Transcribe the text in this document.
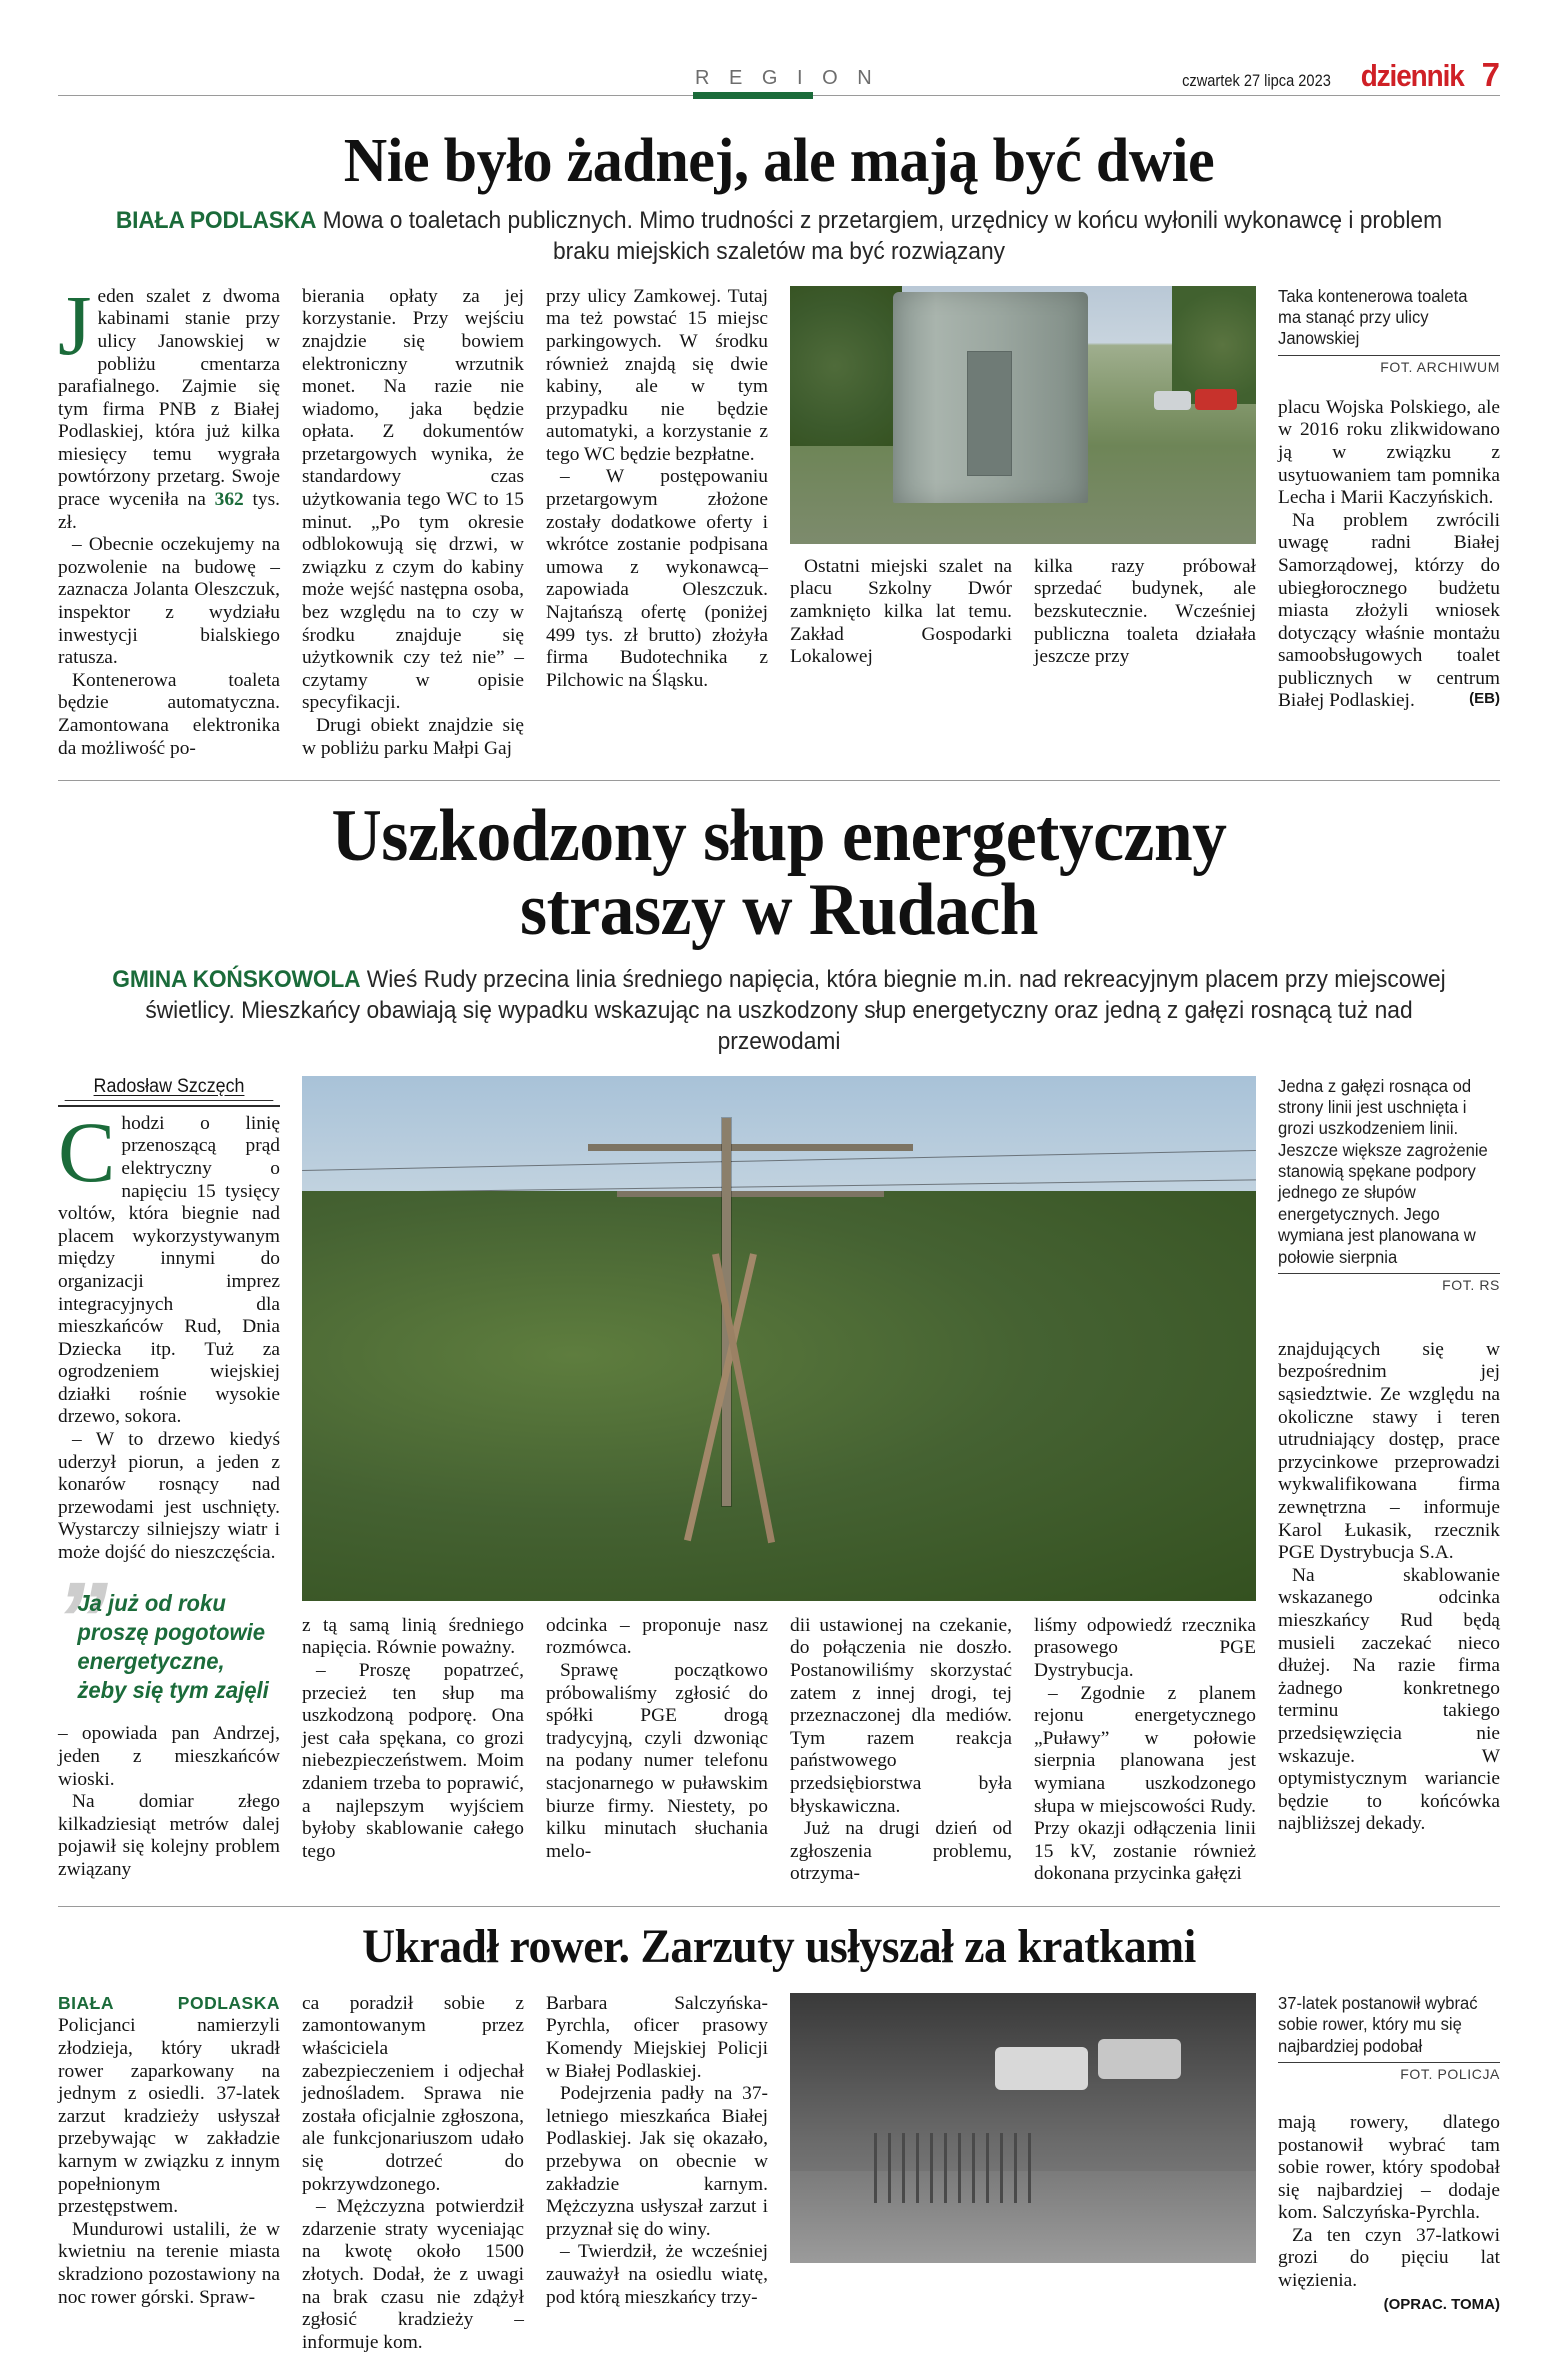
R E G I O N	czwartek 27 lipca 2023 dziennik 7
Nie było żadnej, ale mają być dwie
BIAŁA PODLASKA Mowa o toaletach publicznych. Mimo trudności z przetargiem, urzędnicy w końcu wyłonili wykonawcę i problem braku miejskich szaletów ma być rozwiązany

Jeden szalet z dwoma kabinami stanie przy ulicy Janowskiej w pobliżu cmentarza parafialnego. Zajmie się tym firma PNB z Białej Podlaskiej, która już kilka miesięcy temu wygrała powtórzony przetarg. Swoje prace wyceniła na 362 tys. zł.

– Obecnie oczekujemy na pozwolenie na budowę – zaznacza Jolanta Oleszczuk, inspektor z wydziału inwestycji bialskiego ratusza.

Kontenerowa toaleta będzie automatyczna. Zamontowana elektronika da możliwość po-

bierania opłaty za jej korzystanie. Przy wejściu znajdzie się bowiem elektroniczny wrzutnik monet. Na razie nie wiadomo, jaka będzie opłata. Z dokumentów przetargowych wynika, że standardowy czas użytkowania tego WC to 15 minut. „Po tym okresie odblokowują się drzwi, w związku z czym do kabiny może wejść następna osoba, bez względu na to czy w środku znajduje się użytkownik czy też nie” – czytamy w opisie specyfikacji.

Drugi obiekt znajdzie się w pobliżu parku Małpi Gaj

przy ulicy Zamkowej. Tutaj ma też powstać 15 miejsc parkingowych. W środku również znajdą się dwie kabiny, ale w tym przypadku nie będzie automatyki, a korzystanie z tego WC będzie bezpłatne.

– W postępowaniu przetargowym złożone zostały dodatkowe oferty i wkrótce zostanie podpisana umowa z wykonawcą– zapowiada Oleszczuk. Najtańszą ofertę (poniżej 499 tys. zł brutto) złożyła firma Budotechnika z Pilchowic na Śląsku.

Ostatni miejski szalet na placu Szkolny Dwór zamknięto kilka lat temu. Zakład Gospodarki Lokalowej

kilka razy próbował sprzedać budynek, ale bezskutecznie. Wcześniej publiczna toaleta działała jeszcze przy

Taka kontenerowa toaleta ma stanąć przy ulicy Janowskiej
FOT. ARCHIWUM

placu Wojska Polskiego, ale w 2016 roku zlikwidowano ją w związku z usytuowaniem tam pomnika Lecha i Marii Kaczyńskich.

Na problem zwrócili uwagę radni Białej Samorządowej, którzy do ubiegłorocznego budżetu miasta złożyli wniosek dotyczący właśnie montażu samoobsługowych toalet publicznych w centrum Białej Podlaskiej.	(EB)

Uszkodzony słup energetyczny
straszy w Rudach
GMINA KOŃSKOWOLA Wieś Rudy przecina linia średniego napięcia, która biegnie m.in. nad rekreacyjnym placem przy miejscowej świetlicy. Mieszkańcy obawiają się wypadku wskazując na uszkodzony słup energetyczny oraz jedną z gałęzi rosnącą tuż nad przewodami
Radosław Szczęch

Chodzi o linię przenoszącą prąd elektryczny o napięciu 15 tysięcy voltów, która biegnie nad placem wykorzystywanym między innymi do organizacji imprez integracyjnych dla mieszkańców Rud, Dnia Dziecka itp. Tuż za ogrodzeniem wiejskiej działki rośnie wysokie drzewo, sokora.

– W to drzewo kiedyś uderzył piorun, a jeden z konarów rosnący nad przewodami jest uschnięty. Wystarczy silniejszy wiatr i może dojść do nieszczęścia.

”
Ja już od roku proszę pogotowie energetyczne, żeby się tym zajęli

– opowiada pan Andrzej, jeden z mieszkańców wioski.

Na domiar złego kilkadziesiąt metrów dalej pojawił się kolejny problem związany

z tą samą linią średniego napięcia. Równie poważny.

– Proszę popatrzeć, przecież ten słup ma uszkodzoną podporę. Ona jest cała spękana, co grozi niebezpieczeństwem. Moim zdaniem trzeba to poprawić, a najlepszym wyjściem byłoby skablowanie całego tego

odcinka – proponuje nasz rozmówca.

Sprawę początkowo próbowaliśmy zgłosić do spółki PGE drogą tradycyjną, czyli dzwoniąc na podany numer telefonu stacjonarnego w puławskim biurze firmy. Niestety, po kilku minutach słuchania melo-

dii ustawionej na czekanie, do połączenia nie doszło. Postanowiliśmy skorzystać zatem z innej drogi, tej przeznaczonej dla mediów. Tym razem reakcja państwowego przedsiębiorstwa była błyskawiczna.

Już na drugi dzień od zgłoszenia problemu, otrzyma-

liśmy odpowiedź rzecznika prasowego PGE Dystrybucja.

– Zgodnie z planem rejonu energetycznego „Puławy” w połowie sierpnia planowana jest wymiana uszkodzonego słupa w miejscowości Rudy. Przy okazji odłączenia linii 15 kV, zostanie również dokonana przycinka gałęzi

Jedna z gałęzi rosnąca od strony linii jest uschnięta i grozi uszkodzeniem linii. Jeszcze większe zagrożenie stanowią spękane podpory jednego ze słupów energetycznych. Jego wymiana jest planowana w połowie sierpnia
FOT. RS

znajdujących się w bezpośrednim jej sąsiedztwie. Ze względu na okoliczne stawy i teren utrudniający dostęp, prace przycinkowe przeprowadzi wykwalifikowana firma zewnętrzna – informuje Karol Łukasik, rzecznik PGE Dystrybucja S.A.

Na skablowanie wskazanego odcinka mieszkańcy Rud będą musieli zaczekać nieco dłużej. Na razie firma żadnego konkretnego terminu takiego przedsięwzięcia nie wskazuje. W optymistycznym wariancie będzie to końcówka najbliższej dekady.

Ukradł rower. Zarzuty usłyszał za kratkami

BIAŁA PODLASKA Policjanci namierzyli złodzieja, który ukradł rower zaparkowany na jednym z osiedli. 37-latek zarzut kradzieży usłyszał przebywając w zakładzie karnym w związku z innym popełnionym przestępstwem.

Mundurowi ustalili, że w kwietniu na terenie miasta skradziono pozostawiony na noc rower górski. Spraw-

ca poradził sobie z zamontowanym przez właściciela zabezpieczeniem i odjechał jednośladem. Sprawa nie została oficjalnie zgłoszona, ale funkcjonariuszom udało się dotrzeć do pokrzywdzonego.

– Mężczyzna potwierdził zdarzenie straty wyceniając na kwotę około 1500 złotych. Dodał, że z uwagi na brak czasu nie zdążył zgłosić kradzieży – informuje kom.

Barbara Salczyńska-Pyrchla, oficer prasowy Komendy Miejskiej Policji w Białej Podlaskiej.

Podejrzenia padły na 37-letniego mieszkańca Białej Podlaskiej. Jak się okazało, przebywa on obecnie w zakładzie karnym. Mężczyzna usłyszał zarzut i przyznał się do winy.

– Twierdził, że wcześniej zauważył na osiedlu wiatę, pod którą mieszkańcy trzy-

37-latek postanowił wybrać sobie rower, który mu się najbardziej podobał
FOT. POLICJA

mają rowery, dlatego postanowił wybrać tam sobie rower, który spodobał się najbardziej – dodaje kom. Salczyńska-Pyrchla.

Za ten czyn 37-latkowi grozi do pięciu lat więzienia.

(OPRAC. TOMA)
